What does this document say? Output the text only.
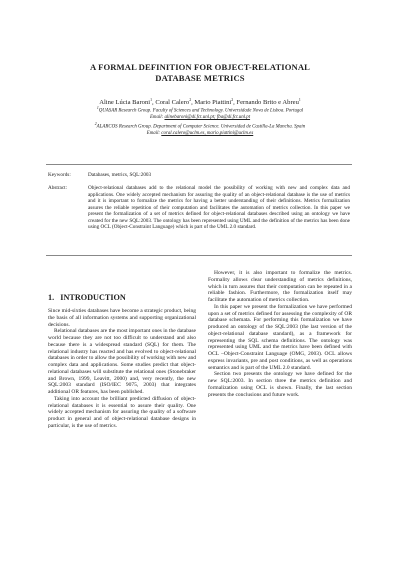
A FORMAL DEFINITION FOR OBJECT-RELATIONAL
DATABASE METRICS
Aline Lúcia Baroni$^1$, Coral Calero$^2$, Mario Piattini$^2$, Fernando Brito e Abreu$^1$
$^1$QUASAR Research Group. Faculty of Sciences and Technology. Universidade Nova de Lisboa. Portugal
Email: alinebaroni@di.fct.unl.pt; fba@di.fct.unl.pt
$^2$ALARCOS Research Group. Department of Computer Science. Universidad de Castilla-La Mancha. Spain
Email: coral.calero@uclm.es, mario.piattini@uclm.es
Keywords:	Databases, metrics, SQL:2003
Abstract:	Object-relational databases add to the relational model the possibility of working with new and complex data and applications. One widely accepted mechanism for assuring the quality of an object-relational database is the use of metrics and it is important to formalize the metrics for having a better understanding of their definitions. Metrics formalization assures the reliable repetition of their computation and facilitates the automation of metrics collection. In this paper we present the formalization of a set of metrics defined for object-relational databases described using an ontology we have created for the new SQL:2003. The ontology has been represented using UML and the definition of the metrics has been done using OCL (Object-Constraint Language) which is part of the UML 2.0 standard.

1. INTRODUCTION

Since mid-sixties databases have become a strategic product, being the basis of all information systems and supporting organizational decisions.

Relational databases are the most important ones in the database world because they are not too difficult to understand and also because there is a widespread standard (SQL) for them. The relational industry has reacted and has evolved to object-relational databases in order to allow the possibility of working with new and complex data and applications. Some studies predict that object-relational databases will substitute the relational ones (Stonebraker and Brown, 1999, Leavitt, 2000) and, very recently, the new SQL:2003 standard (ISO/IEC 9075, 2003) that integrates additional OR features, has been published.

Taking into account the brilliant predicted diffusion of object-relational databases it is essential to assure their quality. One widely accepted mechanism for assuring the quality of a software product in general and of object-relational database designs in particular, is the use of metrics.

However, it is also important to formalize the metrics. Formality allows clear understanding of metrics definitions, which in turn assures that their computation can be repeated in a reliable fashion. Furthermore, the formalization itself may facilitate the automation of metrics collection.

In this paper we present the formalization we have performed upon a set of metrics defined for assessing the complexity of OR database schemata. For performing this formalization we have produced an ontology of the SQL:2003 (the last version of the object-relational database standard), as a framework for representing the SQL schema definitions. The ontology was represented using UML and the metrics have been defined with OCL –Object-Constraint Language (OMG, 2003). OCL allows express invariants, pre and post conditions, as well as operations semantics and is part of the UML 2.0 standard.

Section two presents the ontology we have defined for the new SQL:2003. In section three the metrics definition and formalization using OCL is shown. Finally, the last section presents the conclusions and future work.
